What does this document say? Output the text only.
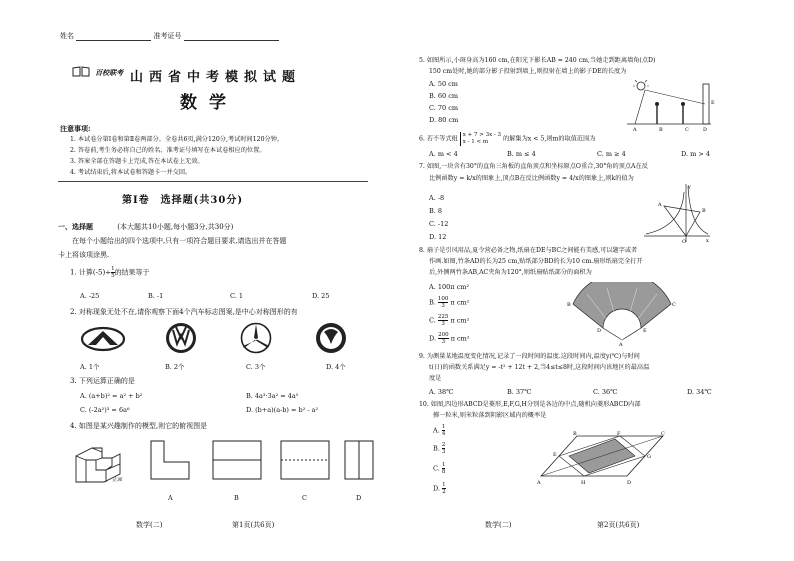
姓名	准考证号
百校联考 山西省中考模拟试题
数学
注意事项:
1. 本试卷分第Ⅰ卷和第Ⅱ卷两部分。全卷共6页,满分120分,考试时间120分钟。
2. 答卷前,考生务必将自己的姓名、准考证号填写在本试卷相应的位置。
3. 答案全部在答题卡上完成,答在本试卷上无效。
4. 考试结束后,将本试卷和答题卡一并交回。
第Ⅰ卷　选择题(共30分)
一、选择题	(本大题共10小题,每小题3分,共30分)
在每个小题给出的四个选项中,只有一项符合题目要求,请选出并在答题
卡上将该项涂黑.
1. 计算$(-5)\div \frac{1}{5}$ 的结果等于
A. -25	B. -1	C. 1	D. 25
2. 对称现象无处不在,请你观察下面4个汽车标志图案,是中心对称图形的有
A. 1个	B. 2个	C. 3个	D. 4个
3. 下列运算正确的是
A. (a+b)² = a² + b²	B. 4a³·3a² = 4a⁵
C. (-2a²)³ = 6a⁶	D. (b+a)(a-b) = b² - a²
4. 如图是某兴趣制作的模型,则它的俯视图是
正面
A	B	C	D
数学(二)	第1页(共6页)
5. 如图所示,小斑身高为160 cm,在阳光下影长AB = 240 cm,当她走到距离墙角(点D)
150 cm处时,她的部分影子投射到墙上,则投射在墙上的影子DE的长度为
A. 50 cm
B. 60 cm
C. 70 cm
D. 80 cm
A	B	C	D
E
6. 若不等式组
x + 7 > 3x - 3
x - 1 < m	的解集为x < 5,则m的取值范围为
A. m < 4	B. m ≤ 4	C. m ≥ 4	D. m > 4
7. 如图,一块含有30°的直角三角板的直角顶点和坐标原点O重合,30°角的顶点A在反
比例函数y = k/x的图象上,顶点B在反比例函数y = 4/x的图象上,则k的值为
A. -8
B. 8
C. -12
D. 12
A
B
O	x
y
8. 扇子是引风用品,夏令营必备之物,纸扇在DE与BC之间能有美感,可以题字或者
作画.如图,竹条AD的长为25 cm,贴纸部分BD的长为10 cm.扇形纸扇完全打开
后,外侧两竹条AB,AC夹角为120°,则纸扇贴纸部分的面积为
A. 100π cm²
B. $\frac{100}{3}$ π cm²
C. $\frac{225}{3}$ π cm²
D. $\frac{200}{3}$ π cm²
A
B	C
D	E
9. 为测量某地温度变化情况,记录了一段时间的温度.这段时间内,温度y(℃)与时间
t(日)的函数关系满足y = -t² + 12t + 2,当4≤t≤8时,这段时间内该地区的最高温
度是
A. 38℃	B. 37℃	C. 36℃	D. 34℃
10. 如图,四边形ABCD是菱形,E,F,G,H分别是各边的中点,随机向菱形ABCD内部
掷一粒米,则米粒落到阴影区域内的概率是
A. $\frac{1}{4}$
B. $\frac{2}{3}$
C. $\frac{1}{8}$
D. $\frac{1}{2}$	A
B	C
D
E
F
G
H
数学(二)	第2页(共6页)
